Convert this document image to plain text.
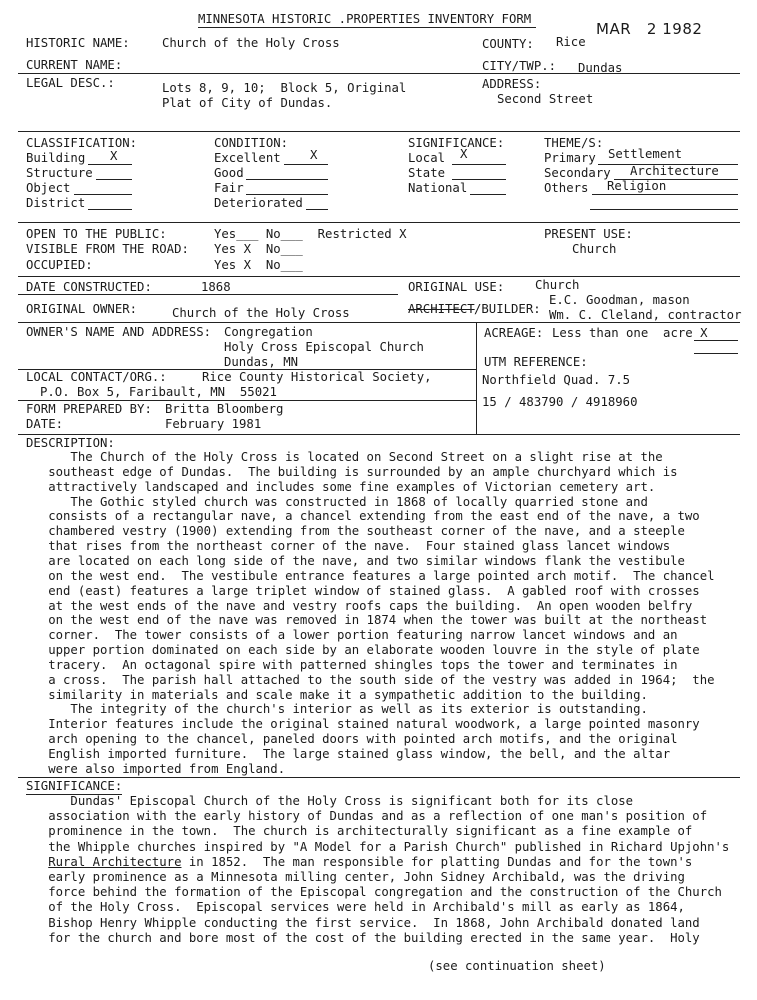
MINNESOTA HISTORIC .PROPERTIES INVENTORY FORM
MAR   2 1982
HISTORIC NAME:	Church of the Holy Cross	COUNTY: Rice
CURRENT NAME:	CITY/TWP.: Dundas
LEGAL DESC.:	Lots 8, 9, 10;  Block 5, Original
Plat of City of Dundas.
ADDRESS:
Second Street
CLASSIFICATION:
Building X
Structure
Object
District
CONDITION:
Excellent X
Good
Fair
Deteriorated
SIGNIFICANCE:
Local X
State
National
THEME/S:
Primary Settlement
Secondary Architecture
Others Religion
OPEN TO THE PUBLIC:	Yes___ No___  Restricted X
VISIBLE FROM THE ROAD: Yes X  No___
OCCUPIED:	Yes X  No___
PRESENT USE:
Church
DATE CONSTRUCTED:	1868	ORIGINAL USE:	Church
ORIGINAL OWNER:	Church of the Holy Cross	ARCHITECT /BUILDER:
E.C. Goodman, mason
Wm. C. Cleland, contractor
OWNER'S NAME AND ADDRESS: Congregation
Holy Cross Episcopal Church
Dundas, MN
ACREAGE: Less than one  acre X
UTM REFERENCE:
Northfield Quad. 7.5
15 / 483790 / 4918960
LOCAL CONTACT/ORG.:	Rice County Historical Society,
P.O. Box 5, Faribault, MN  55021
FORM PREPARED BY: Britta Bloomberg
DATE:	February 1981
DESCRIPTION:
The Church of the Holy Cross is located on Second Street on a slight rise at the
southeast edge of Dundas.  The building is surrounded by an ample churchyard which is
attractively landscaped and includes some fine examples of Victorian cemetery art.
The Gothic styled church was constructed in 1868 of locally quarried stone and
consists of a rectangular nave, a chancel extending from the east end of the nave, a two
chambered vestry (1900) extending from the southeast corner of the nave, and a steeple
that rises from the northeast corner of the nave.  Four stained glass lancet windows
are located on each long side of the nave, and two similar windows flank the vestibule
on the west end.  The vestibule entrance features a large pointed arch motif.  The chancel
end (east) features a large triplet window of stained glass.  A gabled roof with crosses
at the west ends of the nave and vestry roofs caps the building.  An open wooden belfry
on the west end of the nave was removed in 1874 when the tower was built at the northeast
corner.  The tower consists of a lower portion featuring narrow lancet windows and an
upper portion dominated on each side by an elaborate wooden louvre in the style of plate
tracery.  An octagonal spire with patterned shingles tops the tower and terminates in
a cross.  The parish hall attached to the south side of the vestry was added in 1964;  the
similarity in materials and scale make it a sympathetic addition to the building.
The integrity of the church's interior as well as its exterior is outstanding.
Interior features include the original stained natural woodwork, a large pointed masonry
arch opening to the chancel, paneled doors with pointed arch motifs, and the original
English imported furniture.  The large stained glass window, the bell, and the altar
were also imported from England.
SIGNIFICANCE:
Dundas' Episcopal Church of the Holy Cross is significant both for its close
association with the early history of Dundas and as a reflection of one man's position of
prominence in the town.  The church is architecturally significant as a fine example of
the Whipple churches inspired by "A Model for a Parish Church" published in Richard Upjohn's
Rural Architecture in 1852.  The man responsible for platting Dundas and for the town's
early prominence as a Minnesota milling center, John Sidney Archibald, was the driving
force behind the formation of the Episcopal congregation and the construction of the Church
of the Holy Cross.  Episcopal services were held in Archibald's mill as early as 1864,
Bishop Henry Whipple conducting the first service.  In 1868, John Archibald donated land
for the church and bore most of the cost of the building erected in the same year.  Holy
(see continuation sheet)
